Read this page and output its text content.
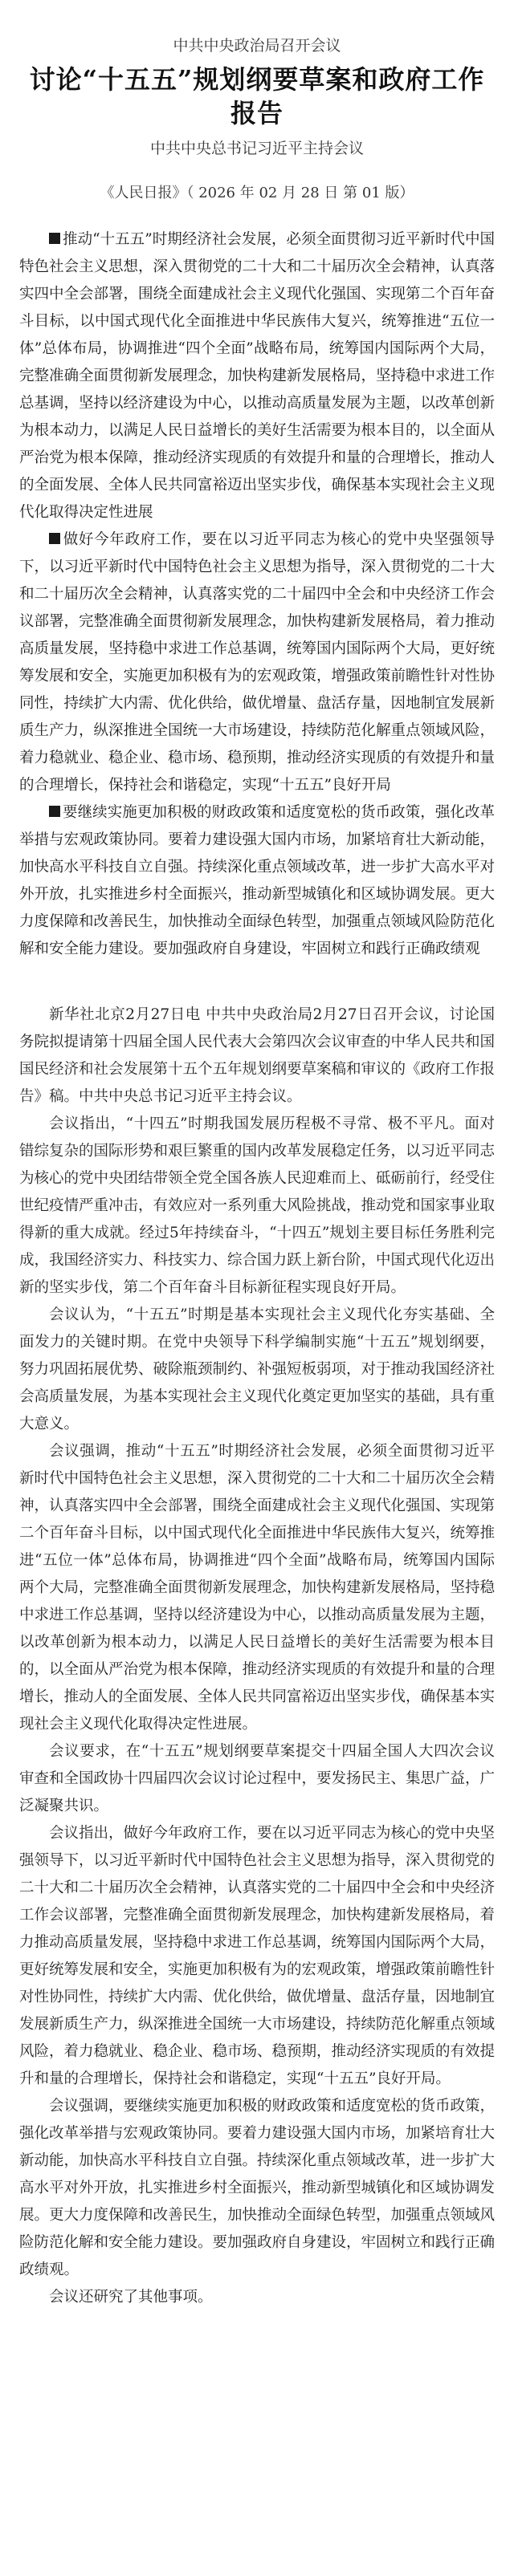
中共中央政治局召开会议
讨论“十五五”规划纲要草案和政府工作报告
中共中央总书记习近平主持会议
《人民日报》（ 2026 年 02 月 28 日 第 01 版）

推动“十五五”时期经济社会发展，必须全面贯彻习近平新时代中国特色社会主义思想，深入贯彻党的二十大和二十届历次全会精神，认真落实四中全会部署，围绕全面建成社会主义现代化强国、实现第二个百年奋斗目标，以中国式现代化全面推进中华民族伟大复兴，统筹推进“五位一体”总体布局，协调推进“四个全面”战略布局，统筹国内国际两个大局，完整准确全面贯彻新发展理念，加快构建新发展格局，坚持稳中求进工作总基调，坚持以经济建设为中心，以推动高质量发展为主题，以改革创新为根本动力，以满足人民日益增长的美好生活需要为根本目的，以全面从严治党为根本保障，推动经济实现质的有效提升和量的合理增长，推动人的全面发展、全体人民共同富裕迈出坚实步伐，确保基本实现社会主义现代化取得决定性进展

做好今年政府工作，要在以习近平同志为核心的党中央坚强领导下，以习近平新时代中国特色社会主义思想为指导，深入贯彻党的二十大和二十届历次全会精神，认真落实党的二十届四中全会和中央经济工作会议部署，完整准确全面贯彻新发展理念，加快构建新发展格局，着力推动高质量发展，坚持稳中求进工作总基调，统筹国内国际两个大局，更好统筹发展和安全，实施更加积极有为的宏观政策，增强政策前瞻性针对性协同性，持续扩大内需、优化供给，做优增量、盘活存量，因地制宜发展新质生产力，纵深推进全国统一大市场建设，持续防范化解重点领域风险，着力稳就业、稳企业、稳市场、稳预期，推动经济实现质的有效提升和量的合理增长，保持社会和谐稳定，实现“十五五”良好开局

要继续实施更加积极的财政政策和适度宽松的货币政策，强化改革举措与宏观政策协同。要着力建设强大国内市场，加紧培育壮大新动能，加快高水平科技自立自强。持续深化重点领域改革，进一步扩大高水平对外开放，扎实推进乡村全面振兴，推动新型城镇化和区域协调发展。更大力度保障和改善民生，加快推动全面绿色转型，加强重点领域风险防范化解和安全能力建设。要加强政府自身建设，牢固树立和践行正确政绩观

新华社北京2月27日电 中共中央政治局2月27日召开会议，讨论国务院拟提请第十四届全国人民代表大会第四次会议审查的中华人民共和国国民经济和社会发展第十五个五年规划纲要草案稿和审议的《政府工作报告》稿。中共中央总书记习近平主持会议。

会议指出，“十四五”时期我国发展历程极不寻常、极不平凡。面对错综复杂的国际形势和艰巨繁重的国内改革发展稳定任务，以习近平同志为核心的党中央团结带领全党全国各族人民迎难而上、砥砺前行，经受住世纪疫情严重冲击，有效应对一系列重大风险挑战，推动党和国家事业取得新的重大成就。经过5年持续奋斗，“十四五”规划主要目标任务胜利完成，我国经济实力、科技实力、综合国力跃上新台阶，中国式现代化迈出新的坚实步伐，第二个百年奋斗目标新征程实现良好开局。

会议认为，“十五五”时期是基本实现社会主义现代化夯实基础、全面发力的关键时期。在党中央领导下科学编制实施“十五五”规划纲要，努力巩固拓展优势、破除瓶颈制约、补强短板弱项，对于推动我国经济社会高质量发展，为基本实现社会主义现代化奠定更加坚实的基础，具有重大意义。

会议强调，推动“十五五”时期经济社会发展，必须全面贯彻习近平新时代中国特色社会主义思想，深入贯彻党的二十大和二十届历次全会精神，认真落实四中全会部署，围绕全面建成社会主义现代化强国、实现第二个百年奋斗目标，以中国式现代化全面推进中华民族伟大复兴，统筹推进“五位一体”总体布局，协调推进“四个全面”战略布局，统筹国内国际两个大局，完整准确全面贯彻新发展理念，加快构建新发展格局，坚持稳中求进工作总基调，坚持以经济建设为中心，以推动高质量发展为主题，以改革创新为根本动力，以满足人民日益增长的美好生活需要为根本目的，以全面从严治党为根本保障，推动经济实现质的有效提升和量的合理增长，推动人的全面发展、全体人民共同富裕迈出坚实步伐，确保基本实现社会主义现代化取得决定性进展。

会议要求，在“十五五”规划纲要草案提交十四届全国人大四次会议审查和全国政协十四届四次会议讨论过程中，要发扬民主、集思广益，广泛凝聚共识。

会议指出，做好今年政府工作，要在以习近平同志为核心的党中央坚强领导下，以习近平新时代中国特色社会主义思想为指导，深入贯彻党的二十大和二十届历次全会精神，认真落实党的二十届四中全会和中央经济工作会议部署，完整准确全面贯彻新发展理念，加快构建新发展格局，着力推动高质量发展，坚持稳中求进工作总基调，统筹国内国际两个大局，更好统筹发展和安全，实施更加积极有为的宏观政策，增强政策前瞻性针对性协同性，持续扩大内需、优化供给，做优增量、盘活存量，因地制宜发展新质生产力，纵深推进全国统一大市场建设，持续防范化解重点领域风险，着力稳就业、稳企业、稳市场、稳预期，推动经济实现质的有效提升和量的合理增长，保持社会和谐稳定，实现“十五五”良好开局。

会议强调，要继续实施更加积极的财政政策和适度宽松的货币政策，强化改革举措与宏观政策协同。要着力建设强大国内市场，加紧培育壮大新动能，加快高水平科技自立自强。持续深化重点领域改革，进一步扩大高水平对外开放，扎实推进乡村全面振兴，推动新型城镇化和区域协调发展。更大力度保障和改善民生，加快推动全面绿色转型，加强重点领域风险防范化解和安全能力建设。要加强政府自身建设，牢固树立和践行正确政绩观。

会议还研究了其他事项。
